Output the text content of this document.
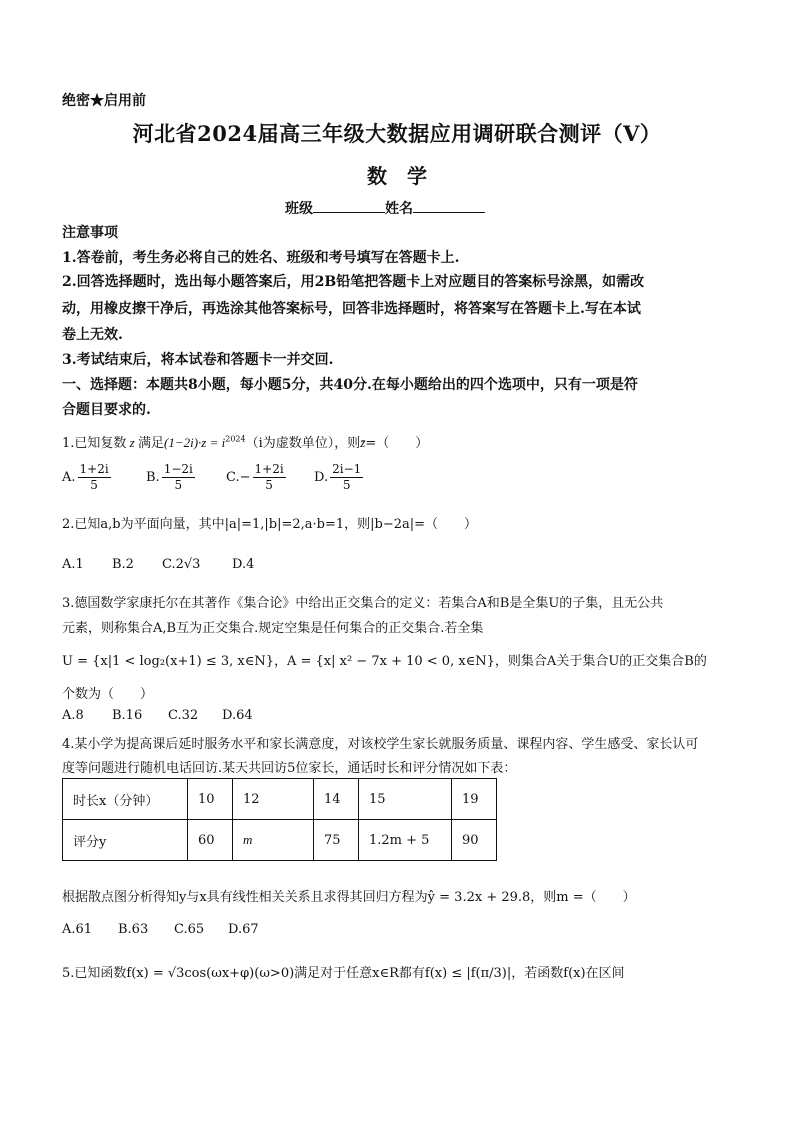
绝密★启用前
河北省2024届高三年级大数据应用调研联合测评（V）
数　学
班级	姓名
注意事项
1.答卷前，考生务必将自己的姓名、班级和考号填写在答题卡上.
2.回答选择题时，选出每小题答案后，用2B铅笔把答题卡上对应题目的答案标号涂黑，如需改
动，用橡皮擦干净后，再选涂其他答案标号，回答非选择题时，将答案写在答题卡上.写在本试
卷上无效.
3.考试结束后，将本试卷和答题卡一并交回.
一、选择题：本题共8小题，每小题5分，共40分.在每小题给出的四个选项中，只有一项是符
合题目要求的.
1.已知复数 z 满足$(1-2i)\cdot z = i^{2024}(i$为虚数单位），则z̄=（　　）
A. $\frac{1+2i}{5}$	B. $\frac{1-2i}{5} C.- \frac{1+2i}{5} D$. $\frac{2i-1}{5}$
2.已知a,b为平面向量，其中|a|=1,|b|=2,a·b=1，则|b−2a|=（　　）
A.1 B.2 C.2√3 D.4
3.德国数学家康托尔在其著作《集合论》中给出正交集合的定义：若集合A和B是全集U的子集，且无公共
元素，则称集合A,B互为正交集合.规定空集是任何集合的正交集合.若全集
U = {x|1 < log₂(x+1) ≤ 3, x∈N}，A = {x| x² − 7x + 10 < 0, x∈N}，则集合A关于集合U的正交集合B的
个数为（　　）
A.8 B.16 C.32 D.64
4.某小学为提高课后延时服务水平和家长满意度，对该校学生家长就服务质量、课程内容、学生感受、家长认可
度等问题进行随机电话回访.某天共回访5位家长，通话时长和评分情况如下表：
时长x（分钟）	10	12	14	15	19
评分y	60	m	75	1.2m + 5	90
根据散点图分析得知y与x具有线性相关关系且求得其回归方程为ŷ = 3.2x + 29.8，则m =（　　）
A.61 B.63 C.65 D.67
5.已知函数f(x) = √3cos(ωx+φ)(ω>0)满足对于任意x∈R都有f(x) ≤ |f(π/3)|，若函数f(x)在区间
